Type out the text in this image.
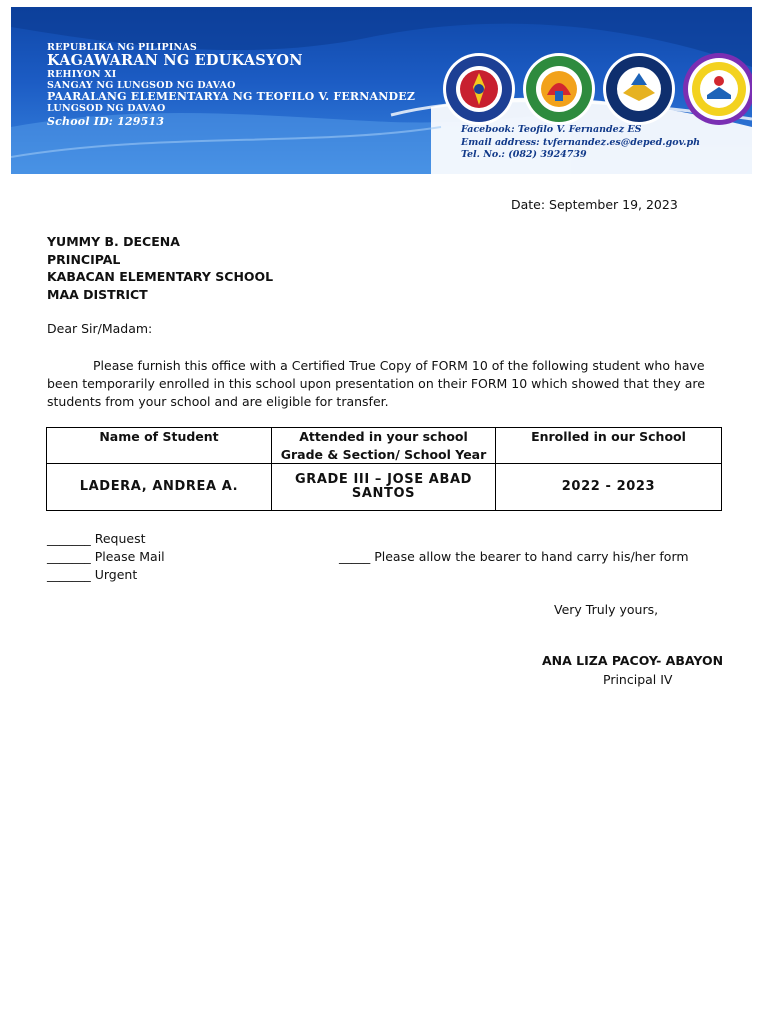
REPUBLIKA NG PILIPINAS

KAGAWARAN NG EDUKASYON

REHIYON XI

SANGAY NG LUNGSOD NG DAVAO

PAARALANG ELEMENTARYA NG TEOFILO V. FERNANDEZ

LUNGSOD NG DAVAO

School ID: 129513

Facebook: Teofilo V. Fernandez ES

Email address: tvfernandez.es@deped.gov.ph

Tel. No.: (082) 3924739

Date: September 19, 2023

YUMMY B. DECENA

PRINCIPAL

KABACAN ELEMENTARY SCHOOL

MAA DISTRICT

Dear Sir/Madam:

Please furnish this office with a Certified True Copy of FORM 10 of the following student who have been temporarily enrolled in this school upon presentation on their FORM 10 which showed that they are students from your school and are eligible for transfer.

Name of Student	Attended in your school Grade & Section/ School Year	Enrolled in our School
LADERA, ANDREA A.	GRADE III – JOSE ABAD SANTOS	2022 - 2023
_______ Request
_______ Please Mail
_______ Urgent
_____ Please allow the bearer to hand carry his/her form
Very Truly yours,
ANA LIZA PACOY- ABAYON
Principal IV
